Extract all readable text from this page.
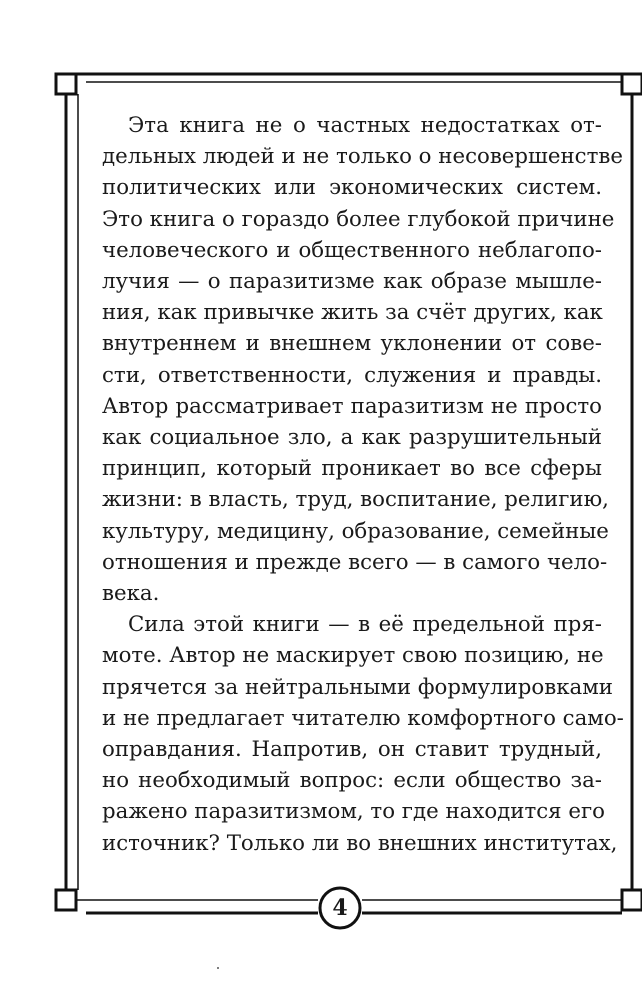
4
Эта книга не о частных недостатках от-
дельных людей и не только о несовершенстве
политических или экономических систем.
Это книга о гораздо более глубокой причине
человеческого и общественного неблагопо-
лучия — о паразитизме как образе мышле-
ния, как привычке жить за счёт других, как
внутреннем и внешнем уклонении от сове-
сти, ответственности, служения и правды.
Автор рассматривает паразитизм не просто
как социальное зло, а как разрушительный
принцип, который проникает во все сферы
жизни: в власть, труд, воспитание, религию,
культуру, медицину, образование, семейные
отношения и прежде всего — в самого чело-
века.
Сила этой книги — в её предельной пря-
моте. Автор не маскирует свою позицию, не
прячется за нейтральными формулировками
и не предлагает читателю комфортного само-
оправдания. Напротив, он ставит трудный,
но необходимый вопрос: если общество за-
ражено паразитизмом, то где находится его
источник? Только ли во внешних институтах,
